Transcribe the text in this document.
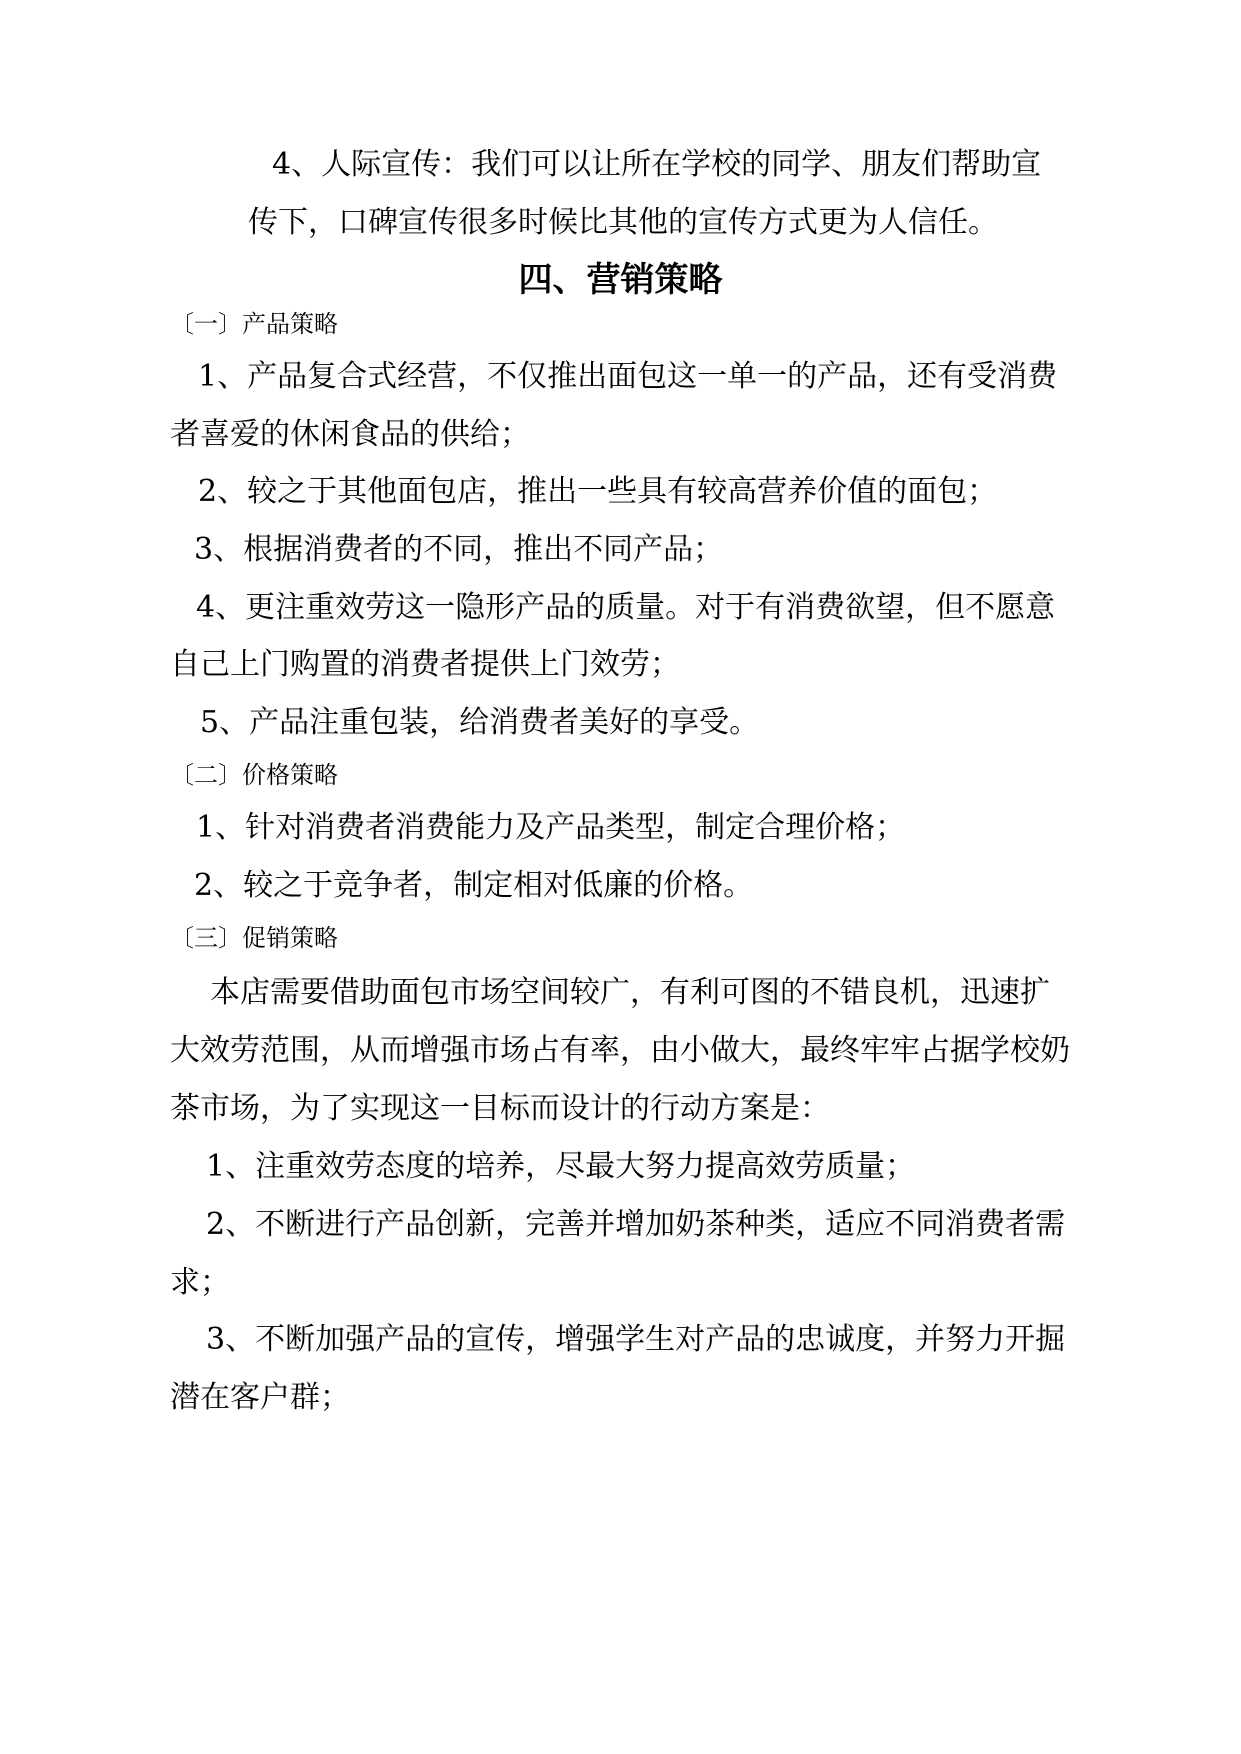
4、人际宣传：我们可以让所在学校的同学、朋友们帮助宣
传下，口碑宣传很多时候比其他的宣传方式更为人信任。
四、营销策略
〔一〕产品策略
1、产品复合式经营，不仅推出面包这一单一的产品，还有受消费
者喜爱的休闲食品的供给；
2、较之于其他面包店，推出一些具有较高营养价值的面包；
3、根据消费者的不同，推出不同产品；
4、更注重效劳这一隐形产品的质量。对于有消费欲望，但不愿意
自己上门购置的消费者提供上门效劳；
5、产品注重包装，给消费者美好的享受。
〔二〕价格策略
1、针对消费者消费能力及产品类型，制定合理价格；
2、较之于竞争者，制定相对低廉的价格。
〔三〕促销策略
本店需要借助面包市场空间较广，有利可图的不错良机，迅速扩
大效劳范围，从而增强市场占有率，由小做大，最终牢牢占据学校奶
茶市场，为了实现这一目标而设计的行动方案是：
1、注重效劳态度的培养，尽最大努力提高效劳质量；
2、不断进行产品创新，完善并增加奶茶种类，适应不同消费者需
求；
3、不断加强产品的宣传，增强学生对产品的忠诚度，并努力开掘
潜在客户群；
